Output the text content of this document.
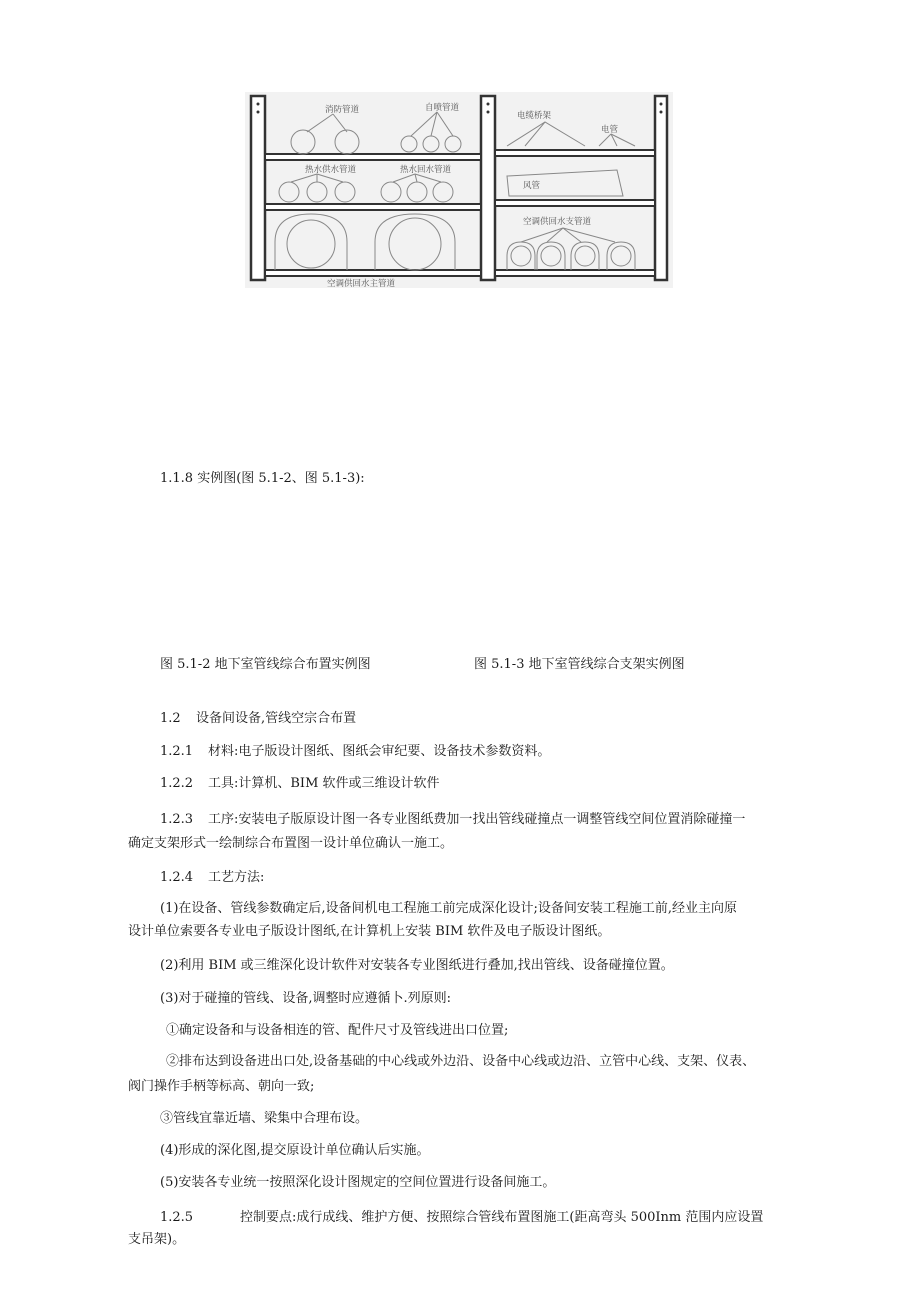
消防管道	自喷管道
热水供水管道	热水回水管道
空调供回水主管道
电缆桥架
电管
风管
空调供回水支管道
1.1.8 实例图(图 5.1-2、图 5.1-3):
图 5.1-2 地下室管线综合布置实例图	图 5.1-3 地下室管线综合支架实例图
1.2 设备间设备,管线空宗合布置
1.2.1 材料:电子版设计图纸、图纸会审纪要、设备技术参数资料。
1.2.2 工具:计算机、BIM 软件或三维设计软件
1.2.3 工序:安装电子版原设计图一各专业图纸费加一找出管线碰撞点一调整管线空间位置消除碰撞一
确定支架形式一绘制综合布置图一设计单位确认一施工。
1.2.4 工艺方法:
(1)在设备、管线参数确定后,设备间机电工程施工前完成深化设计;设备间安装工程施工前,经业主向原
设计单位索要各专业电子版设计图纸,在计算机上安装 BIM 软件及电子版设计图纸。
(2)利用 BIM 或三维深化设计软件对安装各专业图纸进行叠加,找出管线、设备碰撞位置。
(3)对于碰撞的管线、设备,调整时应遵循卜.列原则:
①确定设备和与设备相连的管、配件尺寸及管线进出口位置;
②排布达到设备进出口处,设备基础的中心线或外边沿、设备中心线或边沿、立管中心线、支架、仪表、
阀门操作手柄等标高、朝向一致;
③管线宜靠近墙、梁集中合理布设。
(4)形成的深化图,提交原设计单位确认后实施。
(5)安装各专业统一按照深化设计图规定的空间位置进行设备间施工。
1.2.5	控制要点:成行成线、维护方便、按照综合管线布置图施工(距高弯头 500Inm 范围内应设置
支吊架)。
